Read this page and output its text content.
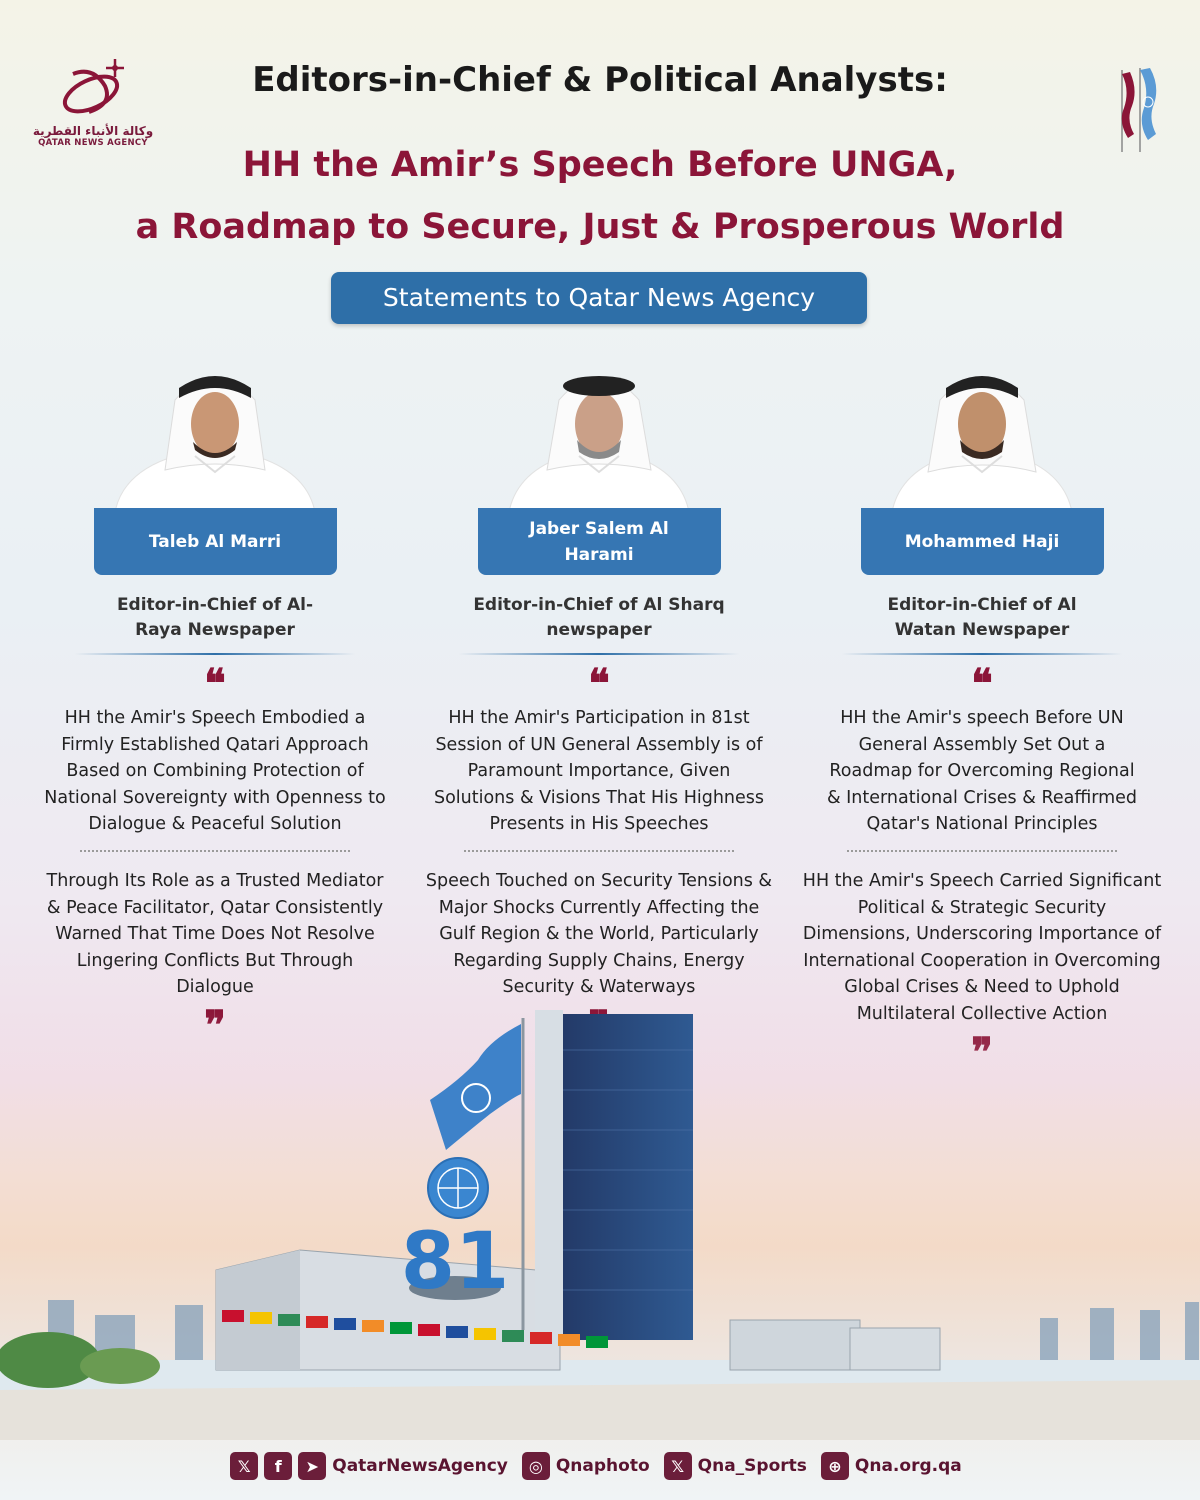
وكالة الأنباء القطرية
QATAR NEWS AGENCY
Editors-in-Chief & Political Analysts:
HH the Amir’s Speech Before UNGA,
a Roadmap to Secure, Just & Prosperous World
Statements to Qatar News Agency
Taleb Al Marri
Editor-in-Chief of Al-Raya Newspaper
❝
HH the Amir's Speech Embodied a Firmly Established Qatari Approach Based on Combining Protection of National Sovereignty with Openness to Dialogue & Peaceful Solution
Through Its Role as a Trusted Mediator & Peace Facilitator, Qatar Consistently Warned That Time Does Not Resolve Lingering Conflicts But Through Dialogue
Jaber Salem Al Harami
Editor-in-Chief of Al Sharq newspaper
❝
HH the Amir's Participation in 81st Session of UN General Assembly is of Paramount Importance, Given Solutions & Visions That His Highness Presents in His Speeches
Speech Touched on Security Tensions & Major Shocks Currently Affecting the Gulf Region & the World, Particularly Regarding Supply Chains, Energy Security & Waterways
Mohammed Haji
Editor-in-Chief of Al Watan Newspaper
❝
HH the Amir's speech Before UN General Assembly Set Out a Roadmap for Overcoming Regional & International Crises & Reaffirmed Qatar's National Principles
HH the Amir's Speech Carried Significant Political & Strategic Security Dimensions, Underscoring Importance of International Cooperation in Overcoming Global Crises & Need to Uphold
81
𝕏	f	➤ QatarNewsAgency	◎ Qnaphoto	𝕏 Qna_Sports	⊕ Qna.org.qa
